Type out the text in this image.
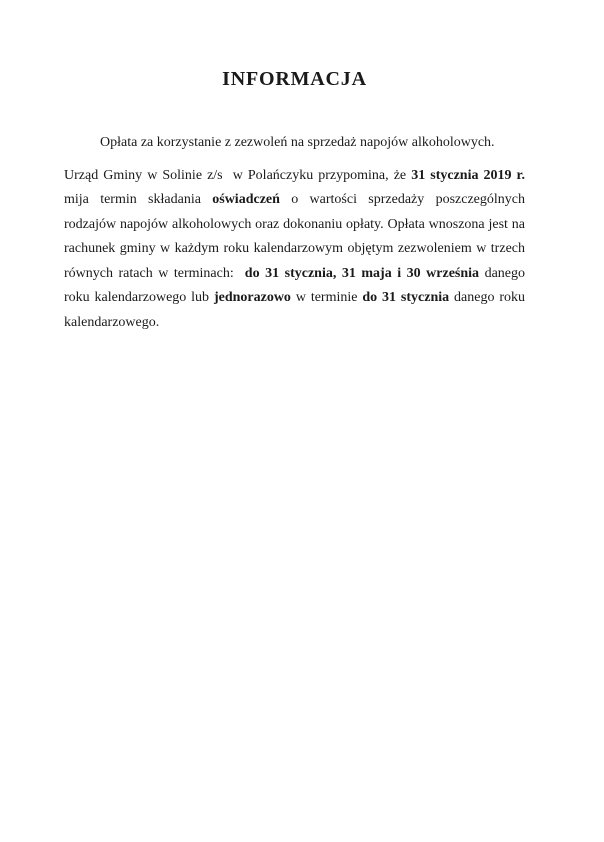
INFORMACJA

Opłata za korzystanie z zezwoleń na sprzedaż napojów alkoholowych.

Urząd Gminy w Solinie z/s  w Polańczyku przypomina, że 31 stycznia 2019 r. mija termin składania oświadczeń o wartości sprzedaży poszczególnych rodzajów napojów alkoholowych oraz dokonaniu opłaty. Opłata wnoszona jest na rachunek gminy w każdym roku kalendarzowym objętym zezwoleniem w trzech równych ratach w terminach:  do 31 stycznia, 31 maja i 30 września danego roku kalendarzowego lub jednorazowo w terminie do 31 stycznia danego roku kalendarzowego.
